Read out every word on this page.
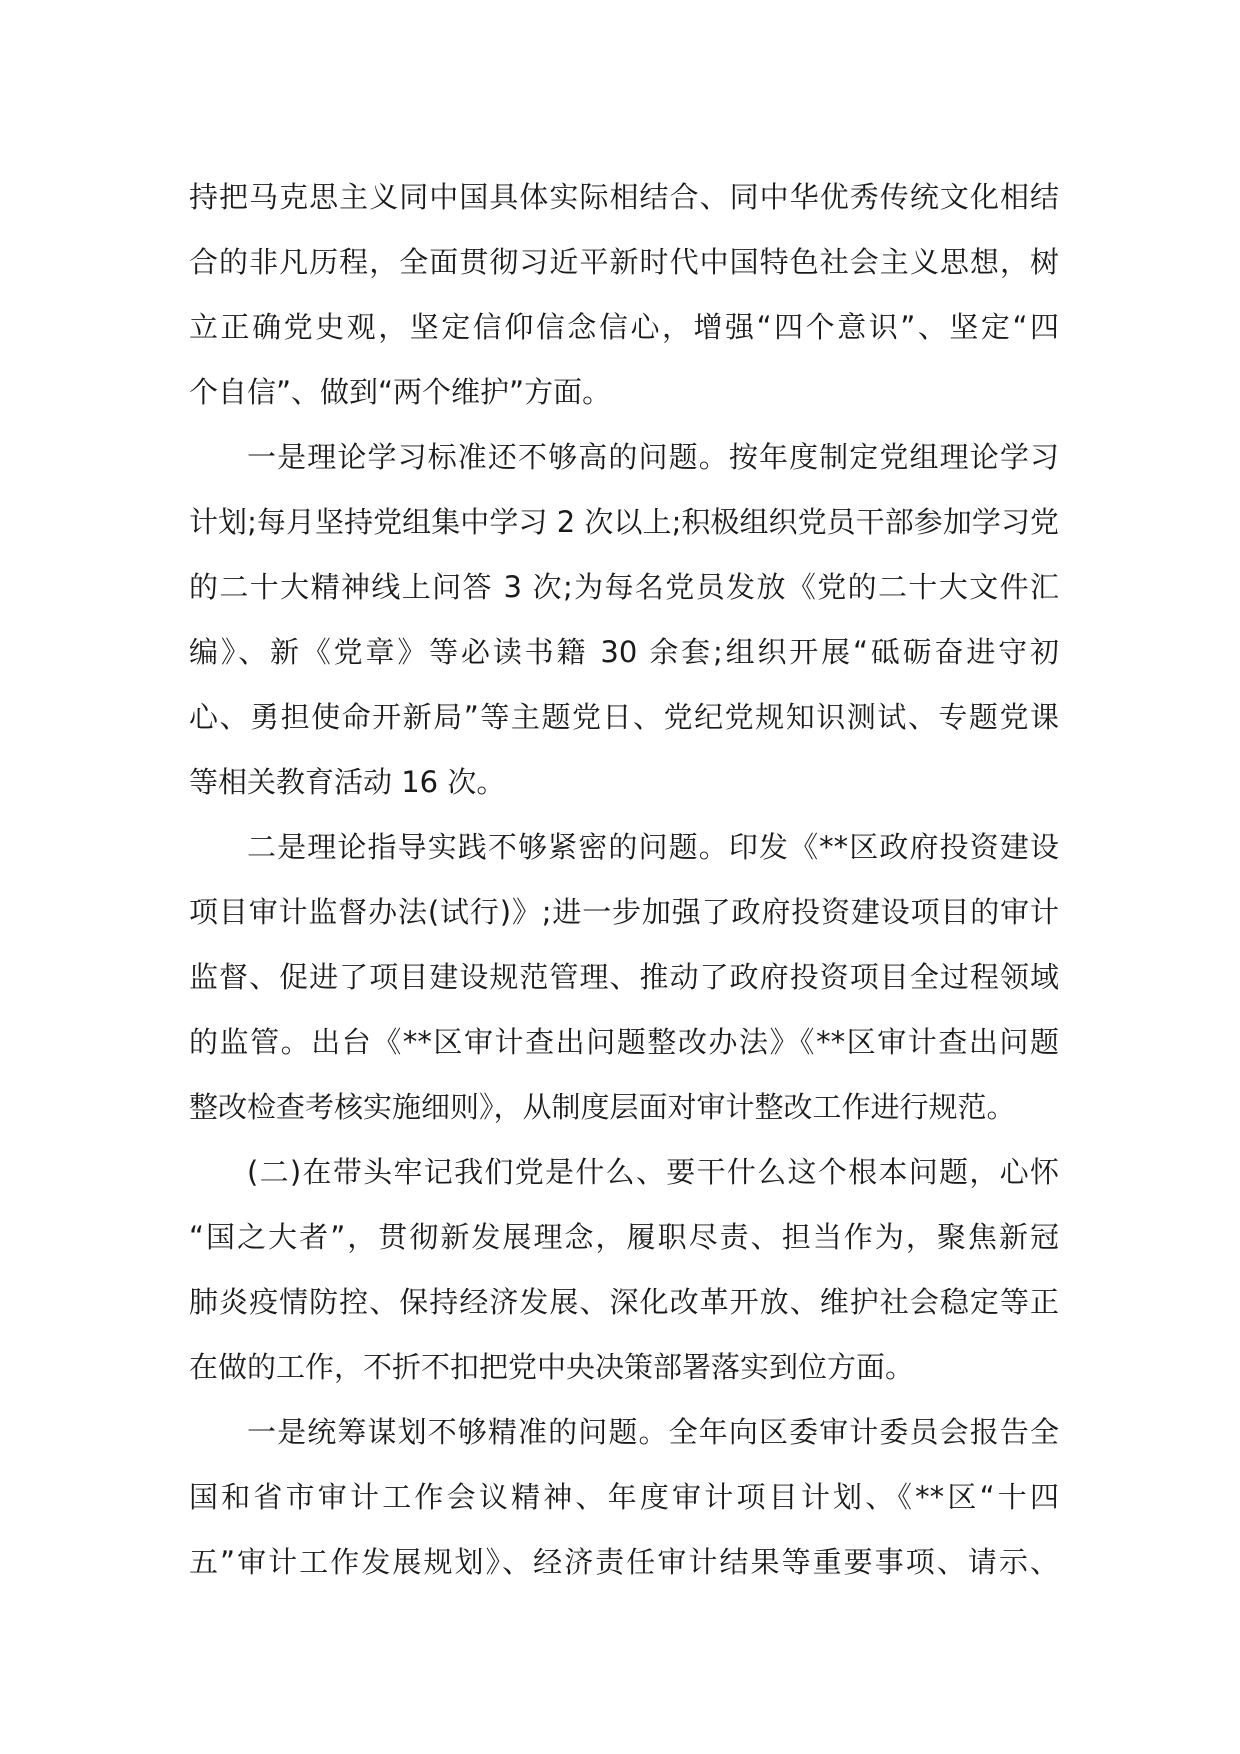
持把马克思主义同中国具体实际相结合、同中华优秀传统文化相结
合的非凡历程，全面贯彻习近平新时代中国特色社会主义思想，树
立正确党史观，坚定信仰信念信心，增强“四个意识”、坚定“四
个自信”、做到“两个维护”方面。
一是理论学习标准还不够高的问题。按年度制定党组理论学习
计划;每月坚持党组集中学习 2 次以上;积极组织党员干部参加学习党
的二十大精神线上问答 3 次;为每名党员发放《党的二十大文件汇
编》、新《党章》等必读书籍 30 余套;组织开展“砥砺奋进守初
心、勇担使命开新局”等主题党日、党纪党规知识测试、专题党课
等相关教育活动 16 次。
二是理论指导实践不够紧密的问题。印发《**区政府投资建设
项目审计监督办法(试行)》;进一步加强了政府投资建设项目的审计
监督、促进了项目建设规范管理、推动了政府投资项目全过程领域
的监管。出台《**区审计查出问题整改办法》《**区审计查出问题
整改检查考核实施细则》，从制度层面对审计整改工作进行规范。
(二)在带头牢记我们党是什么、要干什么这个根本问题，心怀
“国之大者”，贯彻新发展理念，履职尽责、担当作为，聚焦新冠
肺炎疫情防控、保持经济发展、深化改革开放、维护社会稳定等正
在做的工作，不折不扣把党中央决策部署落实到位方面。
一是统筹谋划不够精准的问题。全年向区委审计委员会报告全
国和省市审计工作会议精神、年度审计项目计划、《**区“十四
五”审计工作发展规划》、经济责任审计结果等重要事项、请示、
